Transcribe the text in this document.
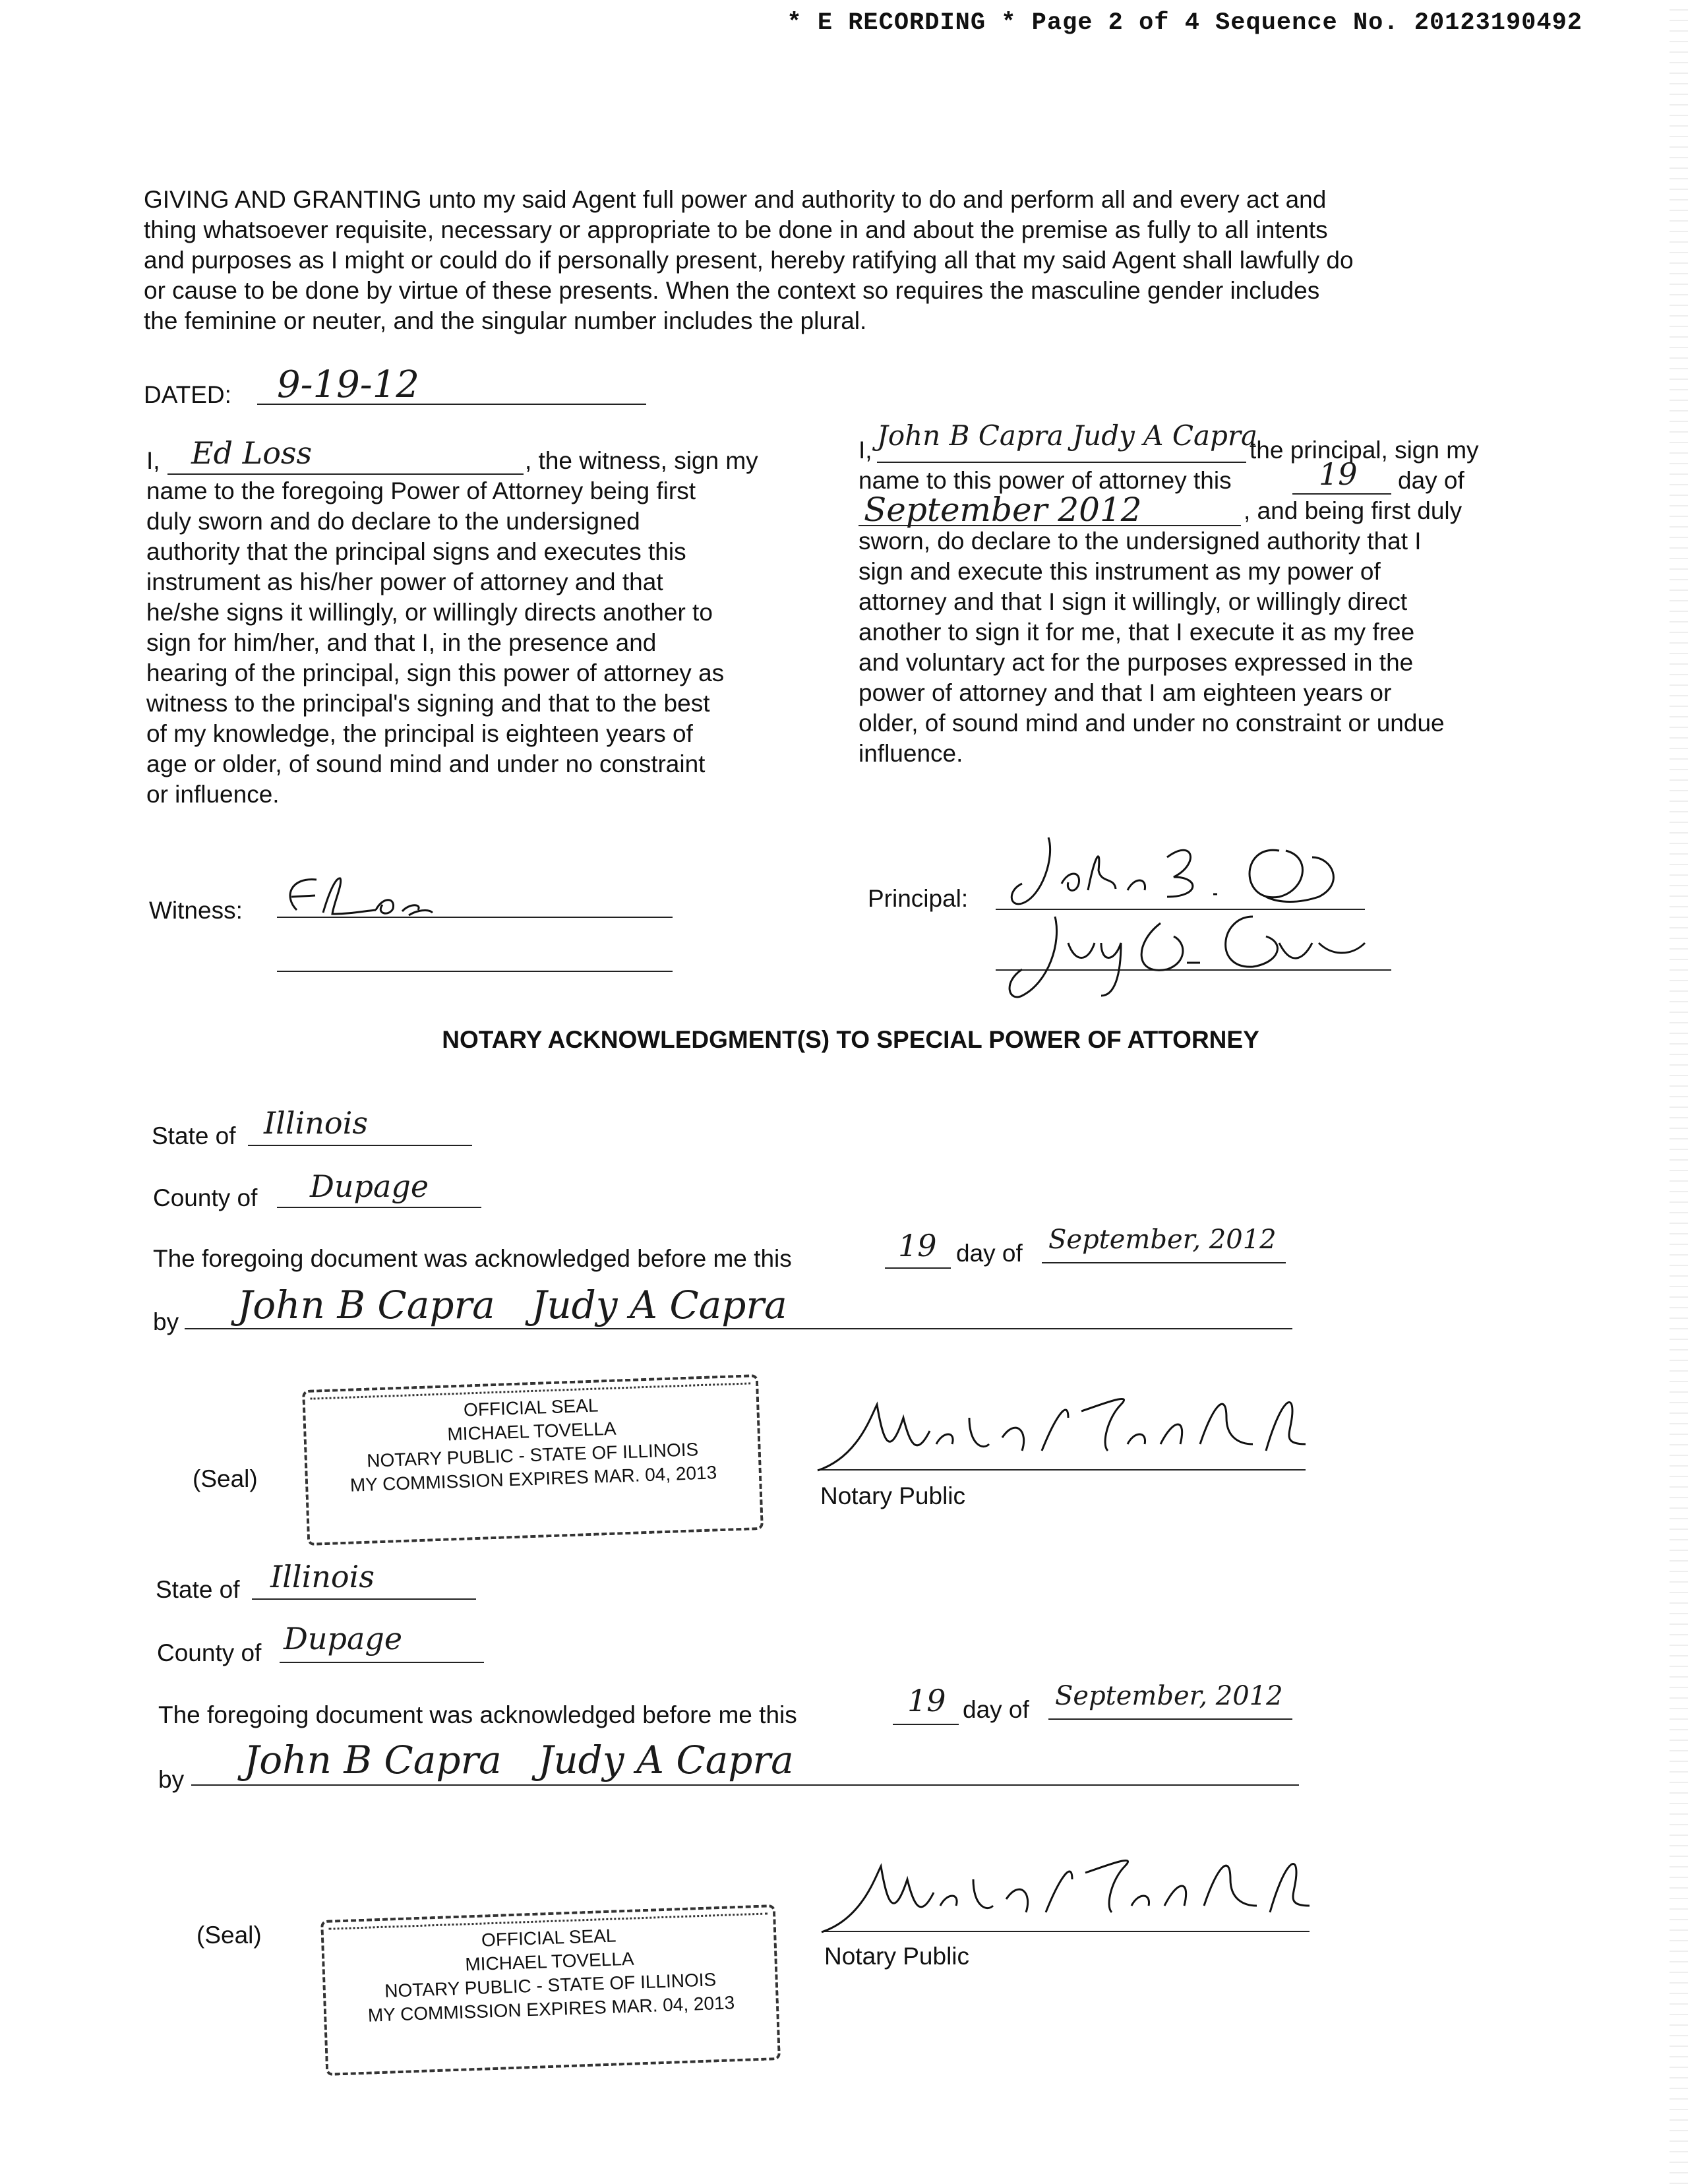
* E RECORDING * Page 2 of 4 Sequence No. 20123190492
GIVING AND GRANTING unto my said Agent full power and authority to do and perform all and every act and
thing whatsoever requisite, necessary or appropriate to be done in and about the premise as fully to all intents
and purposes as I might or could do if personally present, hereby ratifying all that my said Agent shall lawfully do
or cause to be done by virtue of these presents. When the context so requires the masculine gender includes
the feminine or neuter, and the singular number includes the plural.
DATED: 9-19-12
I, Ed Loss	, the witness, sign my
name to the foregoing Power of Attorney being first
duly sworn and do declare to the undersigned
authority that the principal signs and executes this
instrument as his/her power of attorney and that
he/she signs it willingly, or willingly directs another to
sign for him/her, and that I, in the presence and
hearing of the principal, sign this power of attorney as
witness to the principal's signing and that to the best
of my knowledge, the principal is eighteen years of
age or older, of sound mind and under no constraint
or influence.
I, John B Capra Judy A Capra
the principal, sign my
name to this power of attorney this	19 day of
September 2012	, and being first duly
sworn, do declare to the undersigned authority that I
sign and execute this instrument as my power of
attorney and that I sign it willingly, or willingly direct
another to sign it for me, that I execute it as my free
and voluntary act for the purposes expressed in the
power of attorney and that I am eighteen years or
older, of sound mind and under no constraint or undue
influence.
Witness:	Principal:
NOTARY ACKNOWLEDGMENT(S) TO SPECIAL POWER OF ATTORNEY
State of Illinois
County of Dupage
The foregoing document was acknowledged before me this	19 day of September, 2012
by John B Capra   Judy A Capra
(Seal)
OFFICIAL SEAL
MICHAEL TOVELLA
NOTARY PUBLIC - STATE OF ILLINOIS
MY COMMISSION EXPIRES MAR. 04, 2013
Notary Public
State of Illinois
County of Dupage
The foregoing document was acknowledged before me this	19 day of September, 2012
by John B Capra   Judy A Capra
(Seal)	OFFICIAL SEAL
MICHAEL TOVELLA
NOTARY PUBLIC - STATE OF ILLINOIS
MY COMMISSION EXPIRES MAR. 04, 2013
Notary Public
